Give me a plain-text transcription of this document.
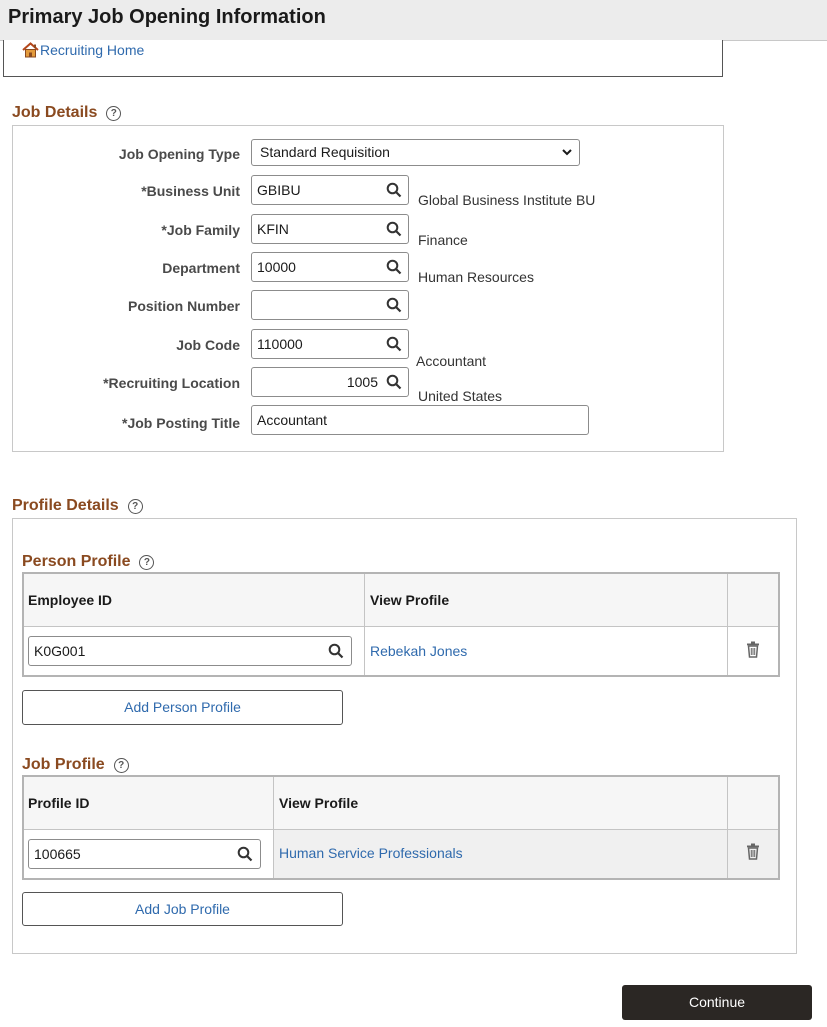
Primary Job Opening Information
Recruiting Home
Job Details	?
Job Opening Type	Standard Requisition
*Business Unit	GBIBU
Global Business Institute BU
*Job Family	KFIN
Finance
Department	10000
Human Resources
Position Number
Job Code	110000
Accountant
*Recruiting Location	1005
United States
*Job Posting Title	Accountant
Profile Details	?
Person Profile	?
Employee ID	View Profile
K0G001	Rebekah Jones
Add Person Profile
Job Profile	?
Profile ID	View Profile
100665	Human Service Professionals
Add Job Profile
Continue
